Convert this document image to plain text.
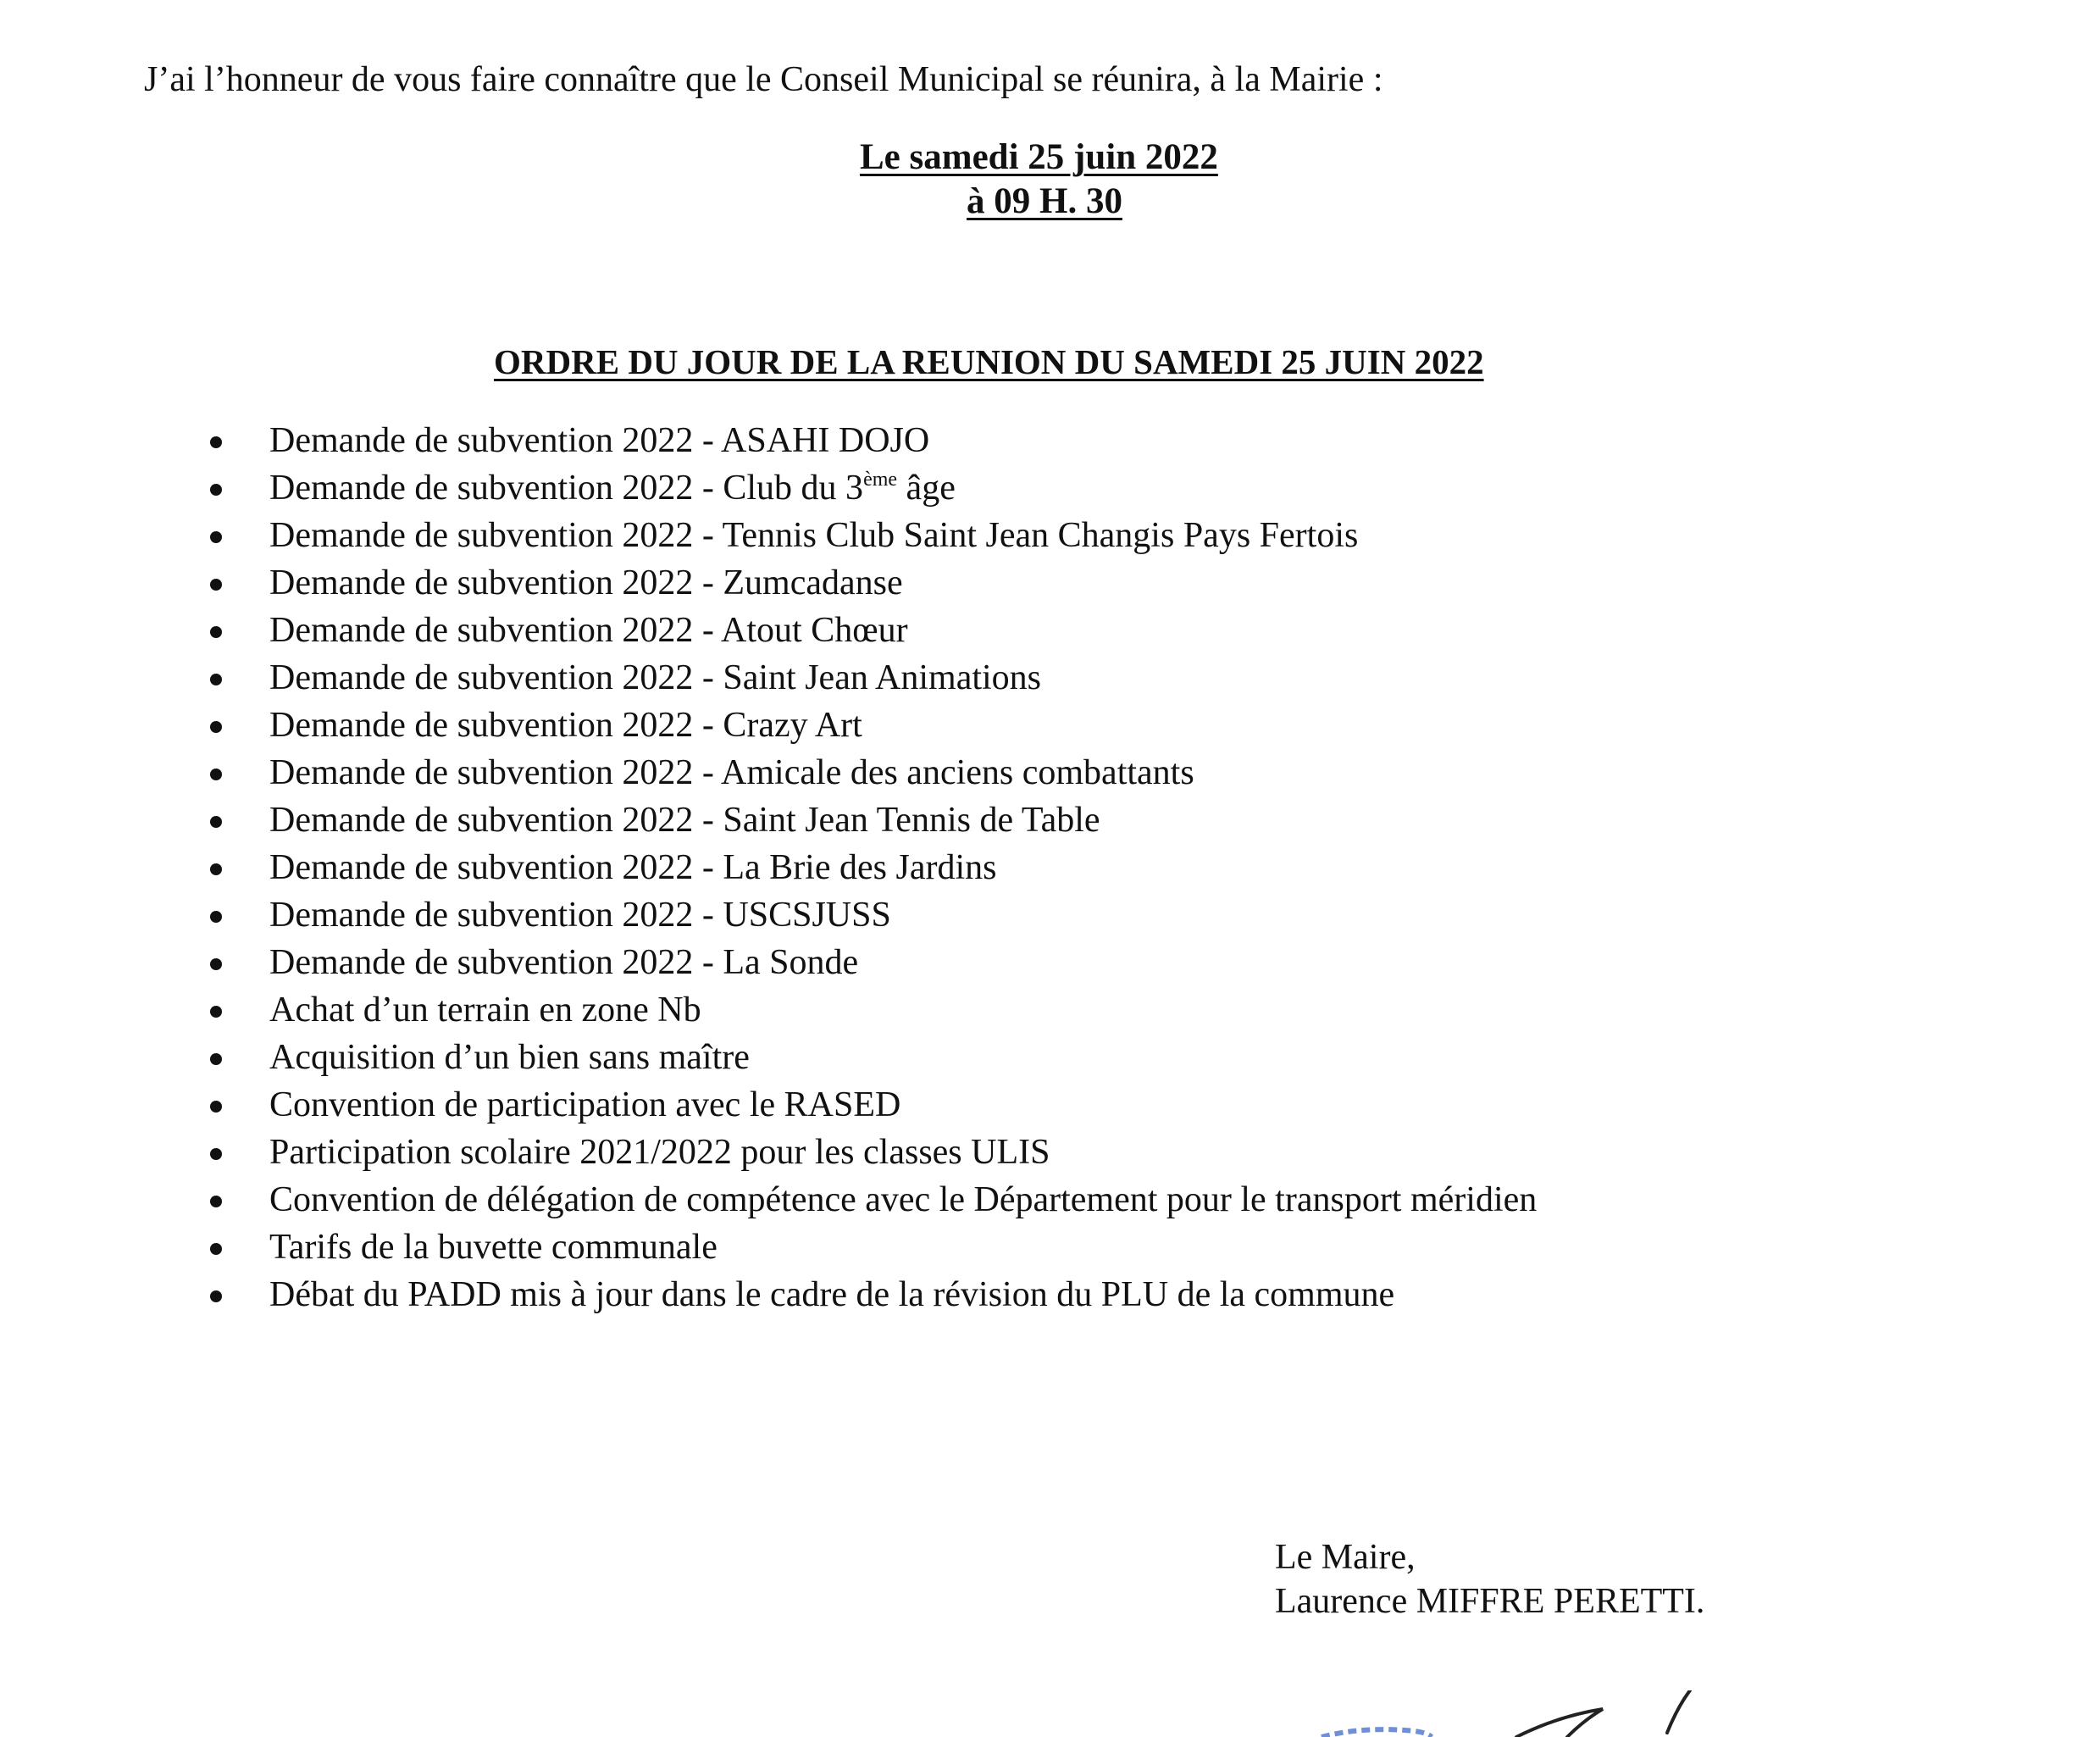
J’ai l’honneur de vous faire connaître que le Conseil Municipal se réunira, à la Mairie :
Le samedi 25 juin 2022
à 09 H. 30
ORDRE DU JOUR DE LA REUNION DU SAMEDI 25 JUIN 2022
Demande de subvention 2022 - ASAHI DOJO
Demande de subvention 2022 - Club du 3ème âge
Demande de subvention 2022 - Tennis Club Saint Jean Changis Pays Fertois
Demande de subvention 2022 - Zumcadanse
Demande de subvention 2022 - Atout Chœur
Demande de subvention 2022 - Saint Jean Animations
Demande de subvention 2022 - Crazy Art
Demande de subvention 2022 - Amicale des anciens combattants
Demande de subvention 2022 - Saint Jean Tennis de Table
Demande de subvention 2022 - La Brie des Jardins
Demande de subvention 2022 - USCSJUSS
Demande de subvention 2022 - La Sonde
Achat d’un terrain en zone Nb
Acquisition d’un bien sans maître
Convention de participation avec le RASED
Participation scolaire 2021/2022 pour les classes ULIS
Convention de délégation de compétence avec le Département pour le transport méridien
Tarifs de la buvette communale
Débat du PADD mis à jour dans le cadre de la révision du PLU de la commune
Le Maire,
Laurence MIFFRE PERETTI.
